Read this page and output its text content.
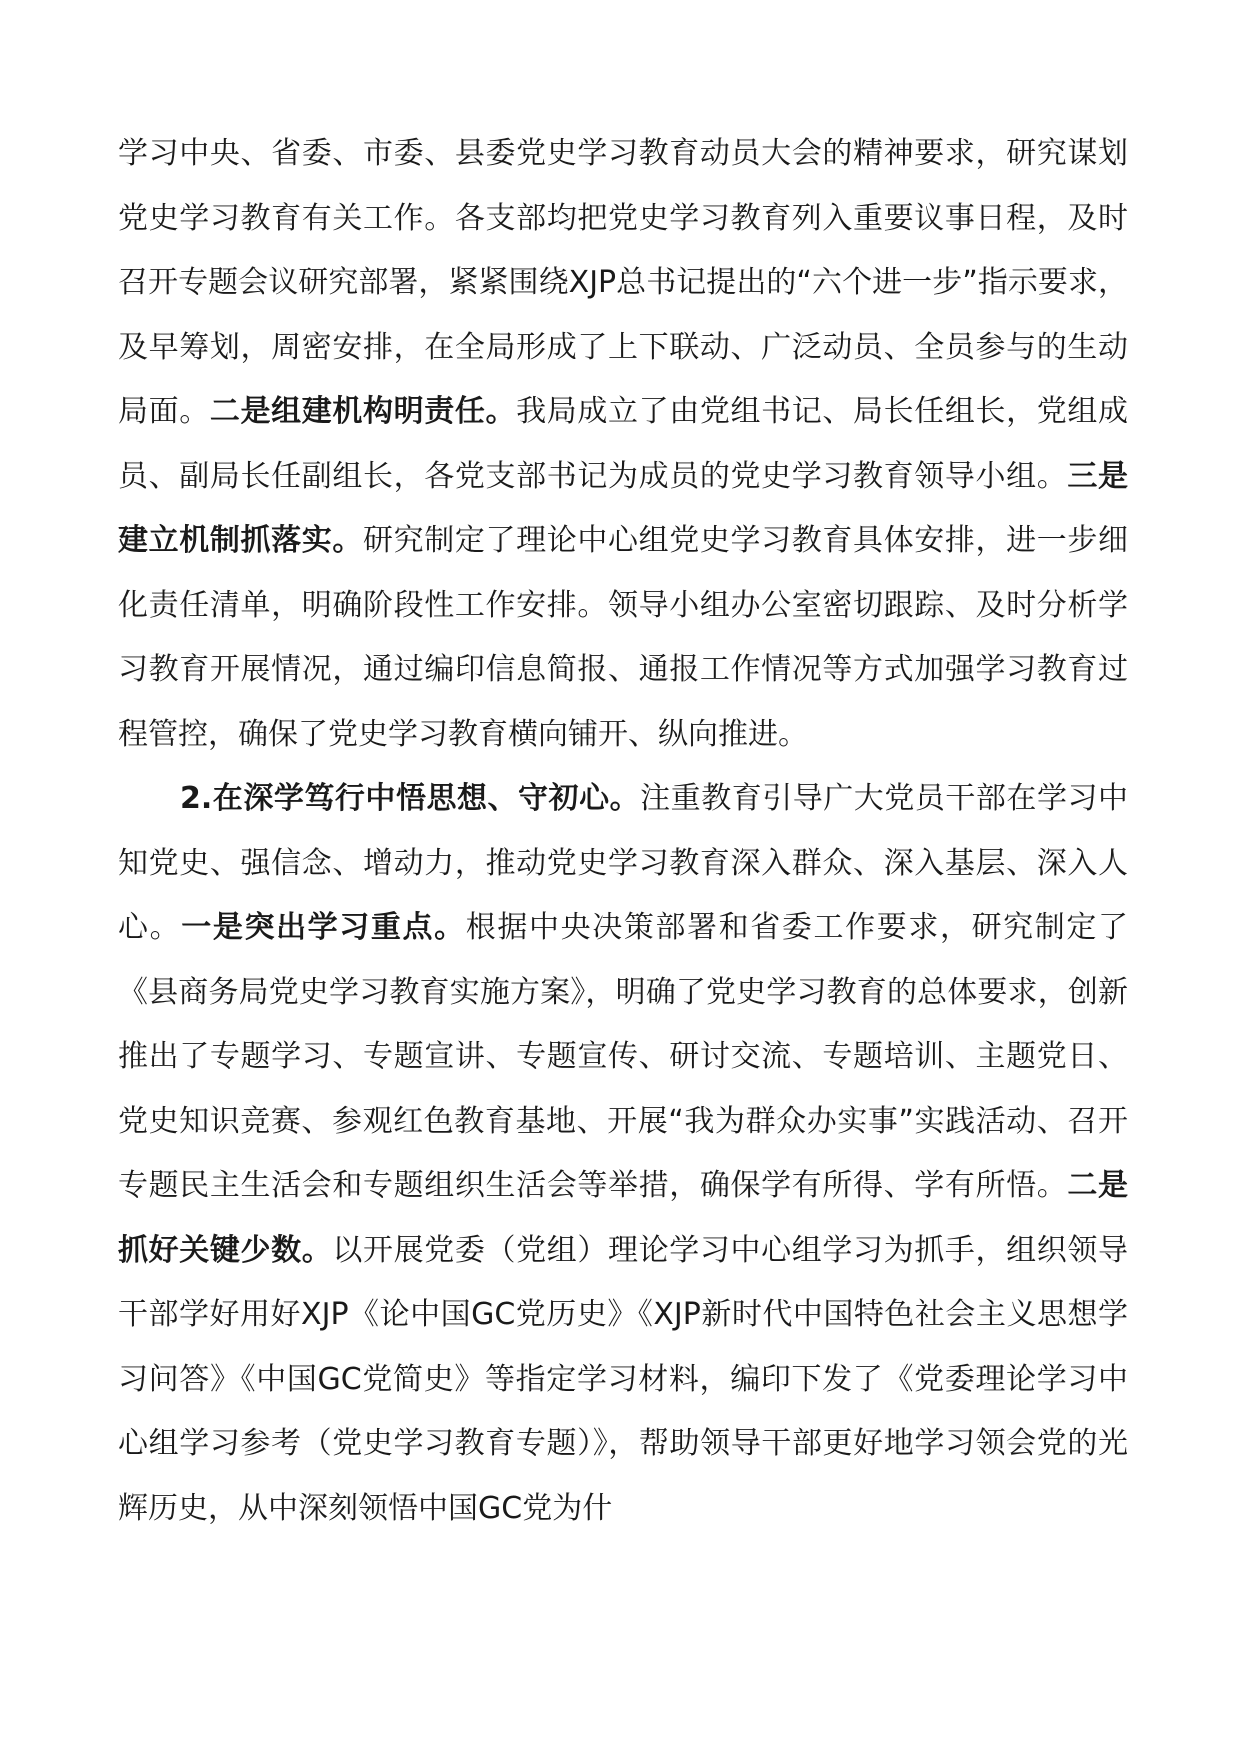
学习中央、省委、市委、县委党史学习教育动员大会的精神要求，研究谋划党史学习教育有关工作。各支部均把党史学习教育列入重要议事日程，及时召开专题会议研究部署，紧紧围绕XJP总书记提出的“六个进一步”指示要求，及早筹划，周密安排，在全局形成了上下联动、广泛动员、全员参与的生动局面。二是组建机构明责任。我局成立了由党组书记、局长任组长，党组成员、副局长任副组长，各党支部书记为成员的党史学习教育领导小组。三是建立机制抓落实。研究制定了理论中心组党史学习教育具体安排，进一步细化责任清单，明确阶段性工作安排。领导小组办公室密切跟踪、及时分析学习教育开展情况，通过编印信息简报、通报工作情况等方式加强学习教育过程管控，确保了党史学习教育横向铺开、纵向推进。

2.在深学笃行中悟思想、守初心。注重教育引导广大党员干部在学习中知党史、强信念、增动力，推动党史学习教育深入群众、深入基层、深入人心。一是突出学习重点。根据中央决策部署和省委工作要求，研究制定了《县商务局党史学习教育实施方案》，明确了党史学习教育的总体要求，创新推出了专题学习、专题宣讲、专题宣传、研讨交流、专题培训、主题党日、党史知识竞赛、参观红色教育基地、开展“我为群众办实事”实践活动、召开专题民主生活会和专题组织生活会等举措，确保学有所得、学有所悟。二是抓好关键少数。以开展党委（党组）理论学习中心组学习为抓手，组织领导干部学好用好XJP《论中国GC党历史》《XJP新时代中国特色社会主义思想学习问答》《中国GC党简史》等指定学习材料，编印下发了《党委理论学习中心组学习参考（党史学习教育专题）》，帮助领导干部更好地学习领会党的光辉历史，从中深刻领悟中国GC党为什
